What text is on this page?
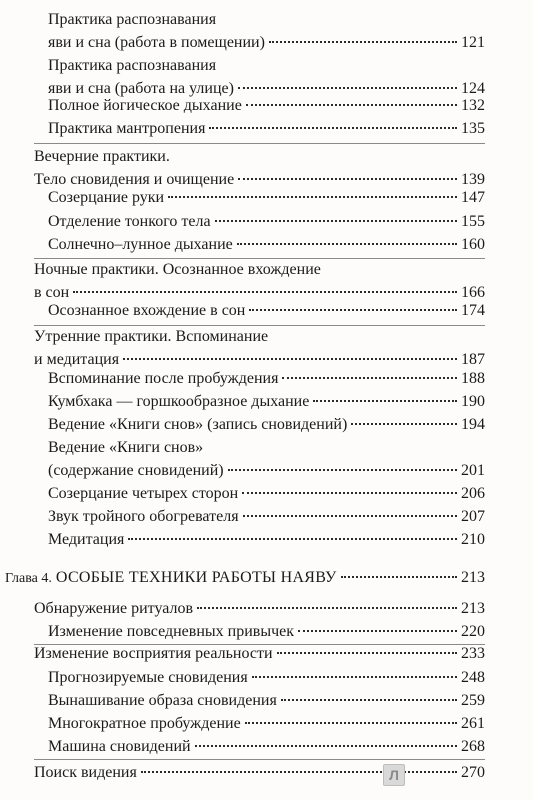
Практика распознавания
яви и сна (работа в помещении)	121
Практика распознавания
яви и сна (работа на улице)	124
Полное йогическое дыхание	132
Практика мантропения	135
Вечерние практики.
Тело сновидения и очищение	139
Созерцание руки	147
Отделение тонкого тела	155
Солнечно–лунное дыхание	160
Ночные практики. Осознанное вхождение
в сон	166
Осознанное вхождение в сон	174
Утренние практики. Вспоминание
и медитация	187
Вспоминание после пробуждения	188
Кумбхака — горшкообразное дыхание	190
Ведение «Книги снов» (запись сновидений)	194
Ведение «Книги снов»
(содержание сновидений)	201
Созерцание четырех сторон	206
Звук тройного обогревателя	207
Медитация	210
Глава 4. ОСОБЫЕ ТЕХНИКИ РАБОТЫ НАЯВУ	213
Обнаружение ритуалов	213
Изменение повседневных привычек	220
Изменение восприятия реальности	233
Прогнозируемые сновидения	248
Вынашивание образа сновидения	259
Многократное пробуждение	261
Машина сновидений	268
Поиск видения	270
Л
